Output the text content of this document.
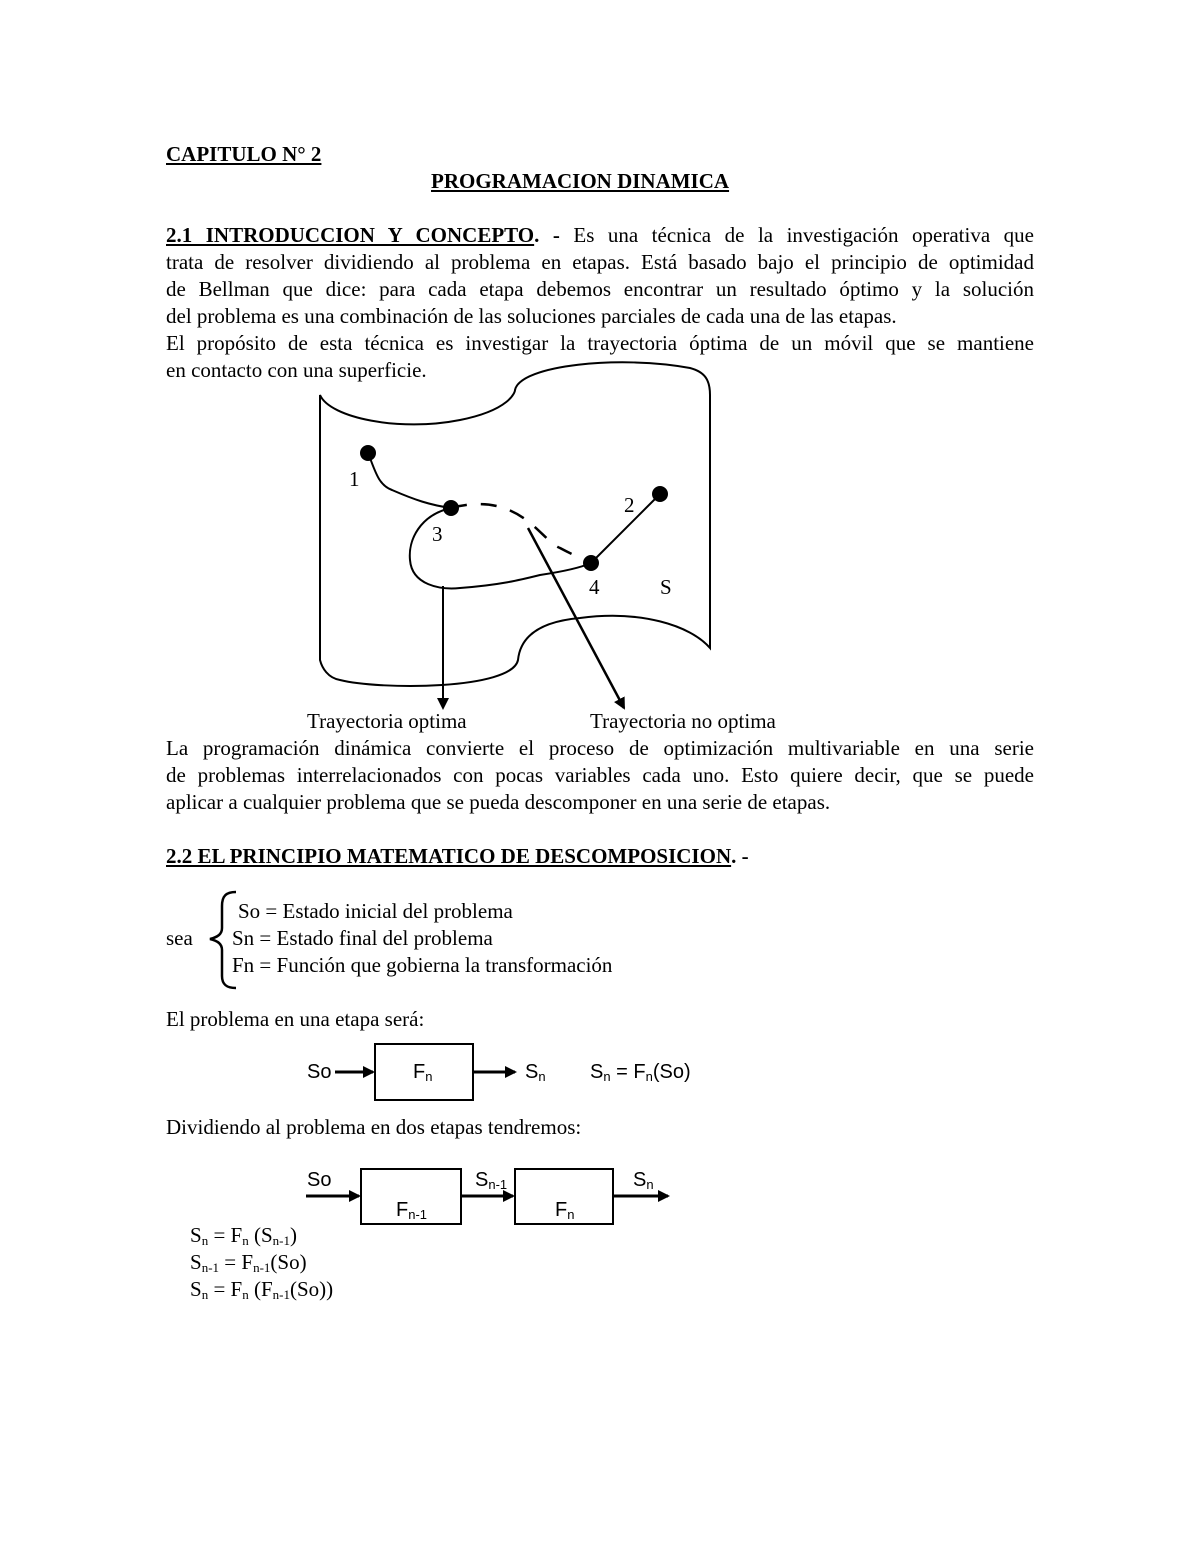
CAPITULO N° 2
PROGRAMACION DINAMICA
2.1 INTRODUCCION Y CONCEPTO. - Es una técnica de la investigación operativa que
trata de resolver dividiendo al problema en etapas. Está basado bajo el principio de optimidad
de Bellman que dice: para cada etapa debemos encontrar un resultado óptimo y la solución
del problema es una combinación de las soluciones parciales de cada una de las etapas.
El propósito de esta técnica es investigar la trayectoria óptima de un móvil que se mantiene
en contacto con una superficie.
1
2
3
4	S
Trayectoria optima	Trayectoria no optima
La programación dinámica convierte el proceso de optimización multivariable en una serie
de problemas interrelacionados con pocas variables cada uno. Esto quiere decir, que se puede
aplicar a cualquier problema que se pueda descomponer en una serie de etapas.
2.2 EL PRINCIPIO MATEMATICO DE DESCOMPOSICION. -
sea
So = Estado inicial del problema
Sn = Estado final del problema
Fn = Función que gobierna la transformación
El problema en una etapa será:
So	$F_n$	$S_n$ $S_n = F_n(So)$
Dividiendo al problema en dos etapas tendremos:
So
$F_{n-1}$
$S_{n-1}$
$F_n$
$S_n$
$S_n = F_n$ $(S_{n-1})$
$S_{n-1} = F_{n-1}(So)$
$S_n = F_n$ $(F_{n-1}(So))$
